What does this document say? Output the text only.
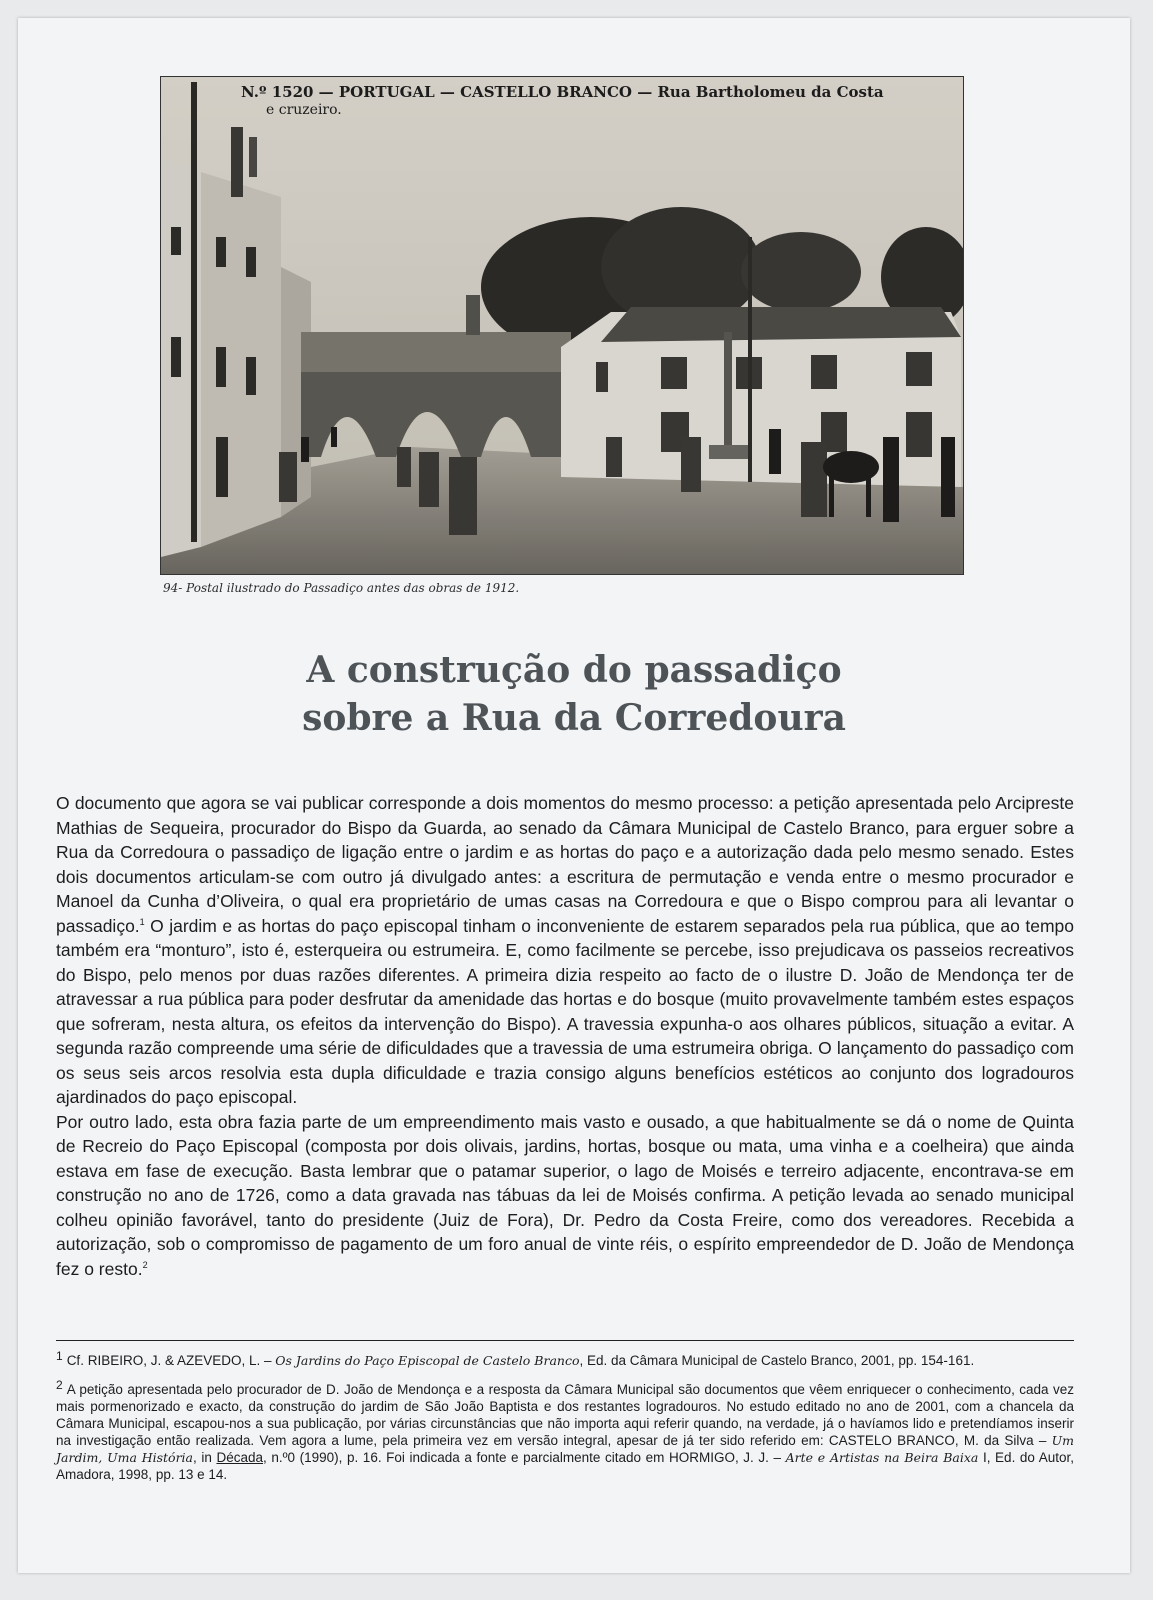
N.º 1520 — PORTUGAL — CASTELLO BRANCO — Rua Bartholomeu da Costa
e cruzeiro.
94- Postal ilustrado do Passadiço antes das obras de 1912.
A construção do passadiço
sobre a Rua da Corredoura

O documento que agora se vai publicar corresponde a dois momentos do mesmo processo: a petição apresentada pelo Arcipreste Mathias de Sequeira, procurador do Bispo da Guarda, ao senado da Câmara Municipal de Castelo Branco, para erguer sobre a Rua da Corredoura o passadiço de ligação entre o jardim e as hortas do paço e a autorização dada pelo mesmo senado. Estes dois documentos articulam-se com outro já divulgado antes: a escritura de permutação e venda entre o mesmo procurador e Manoel da Cunha d’Oliveira, o qual era proprietário de umas casas na Corredoura e que o Bispo comprou para ali levantar o passadiço.$^1$ O jardim e as hortas do paço episcopal tinham o inconveniente de estarem separados pela rua pública, que ao tempo também era “monturo”, isto é, esterqueira ou estrumeira. E, como facilmente se percebe, isso prejudicava os passeios recreativos do Bispo, pelo menos por duas razões diferentes. A primeira dizia respeito ao facto de o ilustre D. João de Mendonça ter de atravessar a rua pública para poder desfrutar da amenidade das hortas e do bosque (muito provavelmente também estes espaços que sofreram, nesta altura, os efeitos da intervenção do Bispo). A travessia expunha-o aos olhares públicos, situação a evitar. A segunda razão compreende uma série de dificuldades que a travessia de uma estrumeira obriga. O lançamento do passadiço com os seus seis arcos resolvia esta dupla dificuldade e trazia consigo alguns benefícios estéticos ao conjunto dos logradouros ajardinados do paço episcopal.

Por outro lado, esta obra fazia parte de um empreendimento mais vasto e ousado, a que habitualmente se dá o nome de Quinta de Recreio do Paço Episcopal (composta por dois olivais, jardins, hortas, bosque ou mata, uma vinha e a coelheira) que ainda estava em fase de execução. Basta lembrar que o patamar superior, o lago de Moisés e terreiro adjacente, encontrava-se em construção no ano de 1726, como a data gravada nas tábuas da lei de Moisés confirma. A petição levada ao senado municipal colheu opinião favorável, tanto do presidente (Juiz de Fora), Dr. Pedro da Costa Freire, como dos vereadores. Recebida a autorização, sob o compromisso de pagamento de um foro anual de vinte réis, o espírito empreendedor de D. João de Mendonça fez o resto.$^2$

1 Cf. RIBEIRO, J. & AZEVEDO, L. – Os Jardins do Paço Episcopal de Castelo Branco, Ed. da Câmara Municipal de Castelo Branco, 2001, pp. 154-161.

2 A petição apresentada pelo procurador de D. João de Mendonça e a resposta da Câmara Municipal são documentos que vêem enriquecer o conhecimento, cada vez mais pormenorizado e exacto, da construção do jardim de São João Baptista e dos restantes logradouros. No estudo editado no ano de 2001, com a chancela da Câmara Municipal, escapou-nos a sua publicação, por várias circunstâncias que não importa aqui referir quando, na verdade, já o havíamos lido e pretendíamos inserir na investigação então realizada. Vem agora a lume, pela primeira vez em versão integral, apesar de já ter sido referido em: CASTELO BRANCO, M. da Silva – Um Jardim, Uma História, in Década, n.º0 (1990), p. 16. Foi indicada a fonte e parcialmente citado em HORMIGO, J. J. – Arte e Artistas na Beira Baixa I, Ed. do Autor, Amadora, 1998, pp. 13 e 14.
